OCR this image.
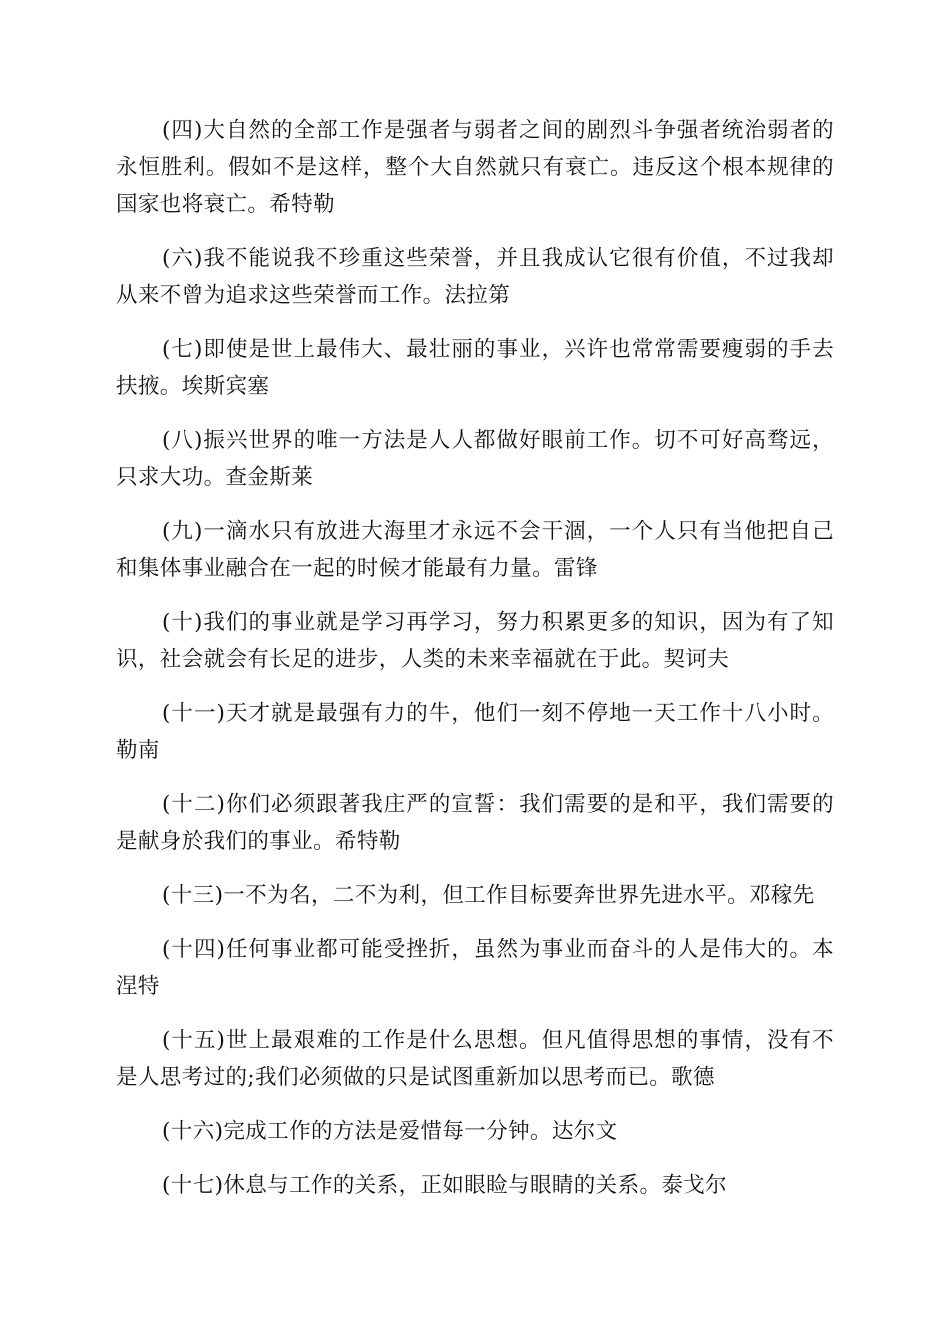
(四)大自然的全部工作是强者与弱者之间的剧烈斗争强者统治弱者的永恒胜利。假如不是这样，整个大自然就只有衰亡。违反这个根本规律的国家也将衰亡。希特勒

(六)我不能说我不珍重这些荣誉，并且我成认它很有价值，不过我却从来不曾为追求这些荣誉而工作。法拉第

(七)即使是世上最伟大、最壮丽的事业，兴许也常常需要瘦弱的手去扶掖。埃斯宾塞

(八)振兴世界的唯一方法是人人都做好眼前工作。切不可好高骛远，只求大功。查金斯莱

(九)一滴水只有放进大海里才永远不会干涸，一个人只有当他把自己和集体事业融合在一起的时候才能最有力量。雷锋

(十)我们的事业就是学习再学习，努力积累更多的知识，因为有了知识，社会就会有长足的进步，人类的未来幸福就在于此。契诃夫

(十一)天才就是最强有力的牛，他们一刻不停地一天工作十八小时。勒南

(十二)你们必须跟著我庄严的宣誓：我们需要的是和平，我们需要的是献身於我们的事业。希特勒

(十三)一不为名，二不为利，但工作目标要奔世界先进水平。邓稼先

(十四)任何事业都可能受挫折，虽然为事业而奋斗的人是伟大的。本涅特

(十五)世上最艰难的工作是什么思想。但凡值得思想的事情，没有不是人思考过的;我们必须做的只是试图重新加以思考而已。歌德

(十六)完成工作的方法是爱惜每一分钟。达尔文

(十七)休息与工作的关系，正如眼睑与眼睛的关系。泰戈尔
